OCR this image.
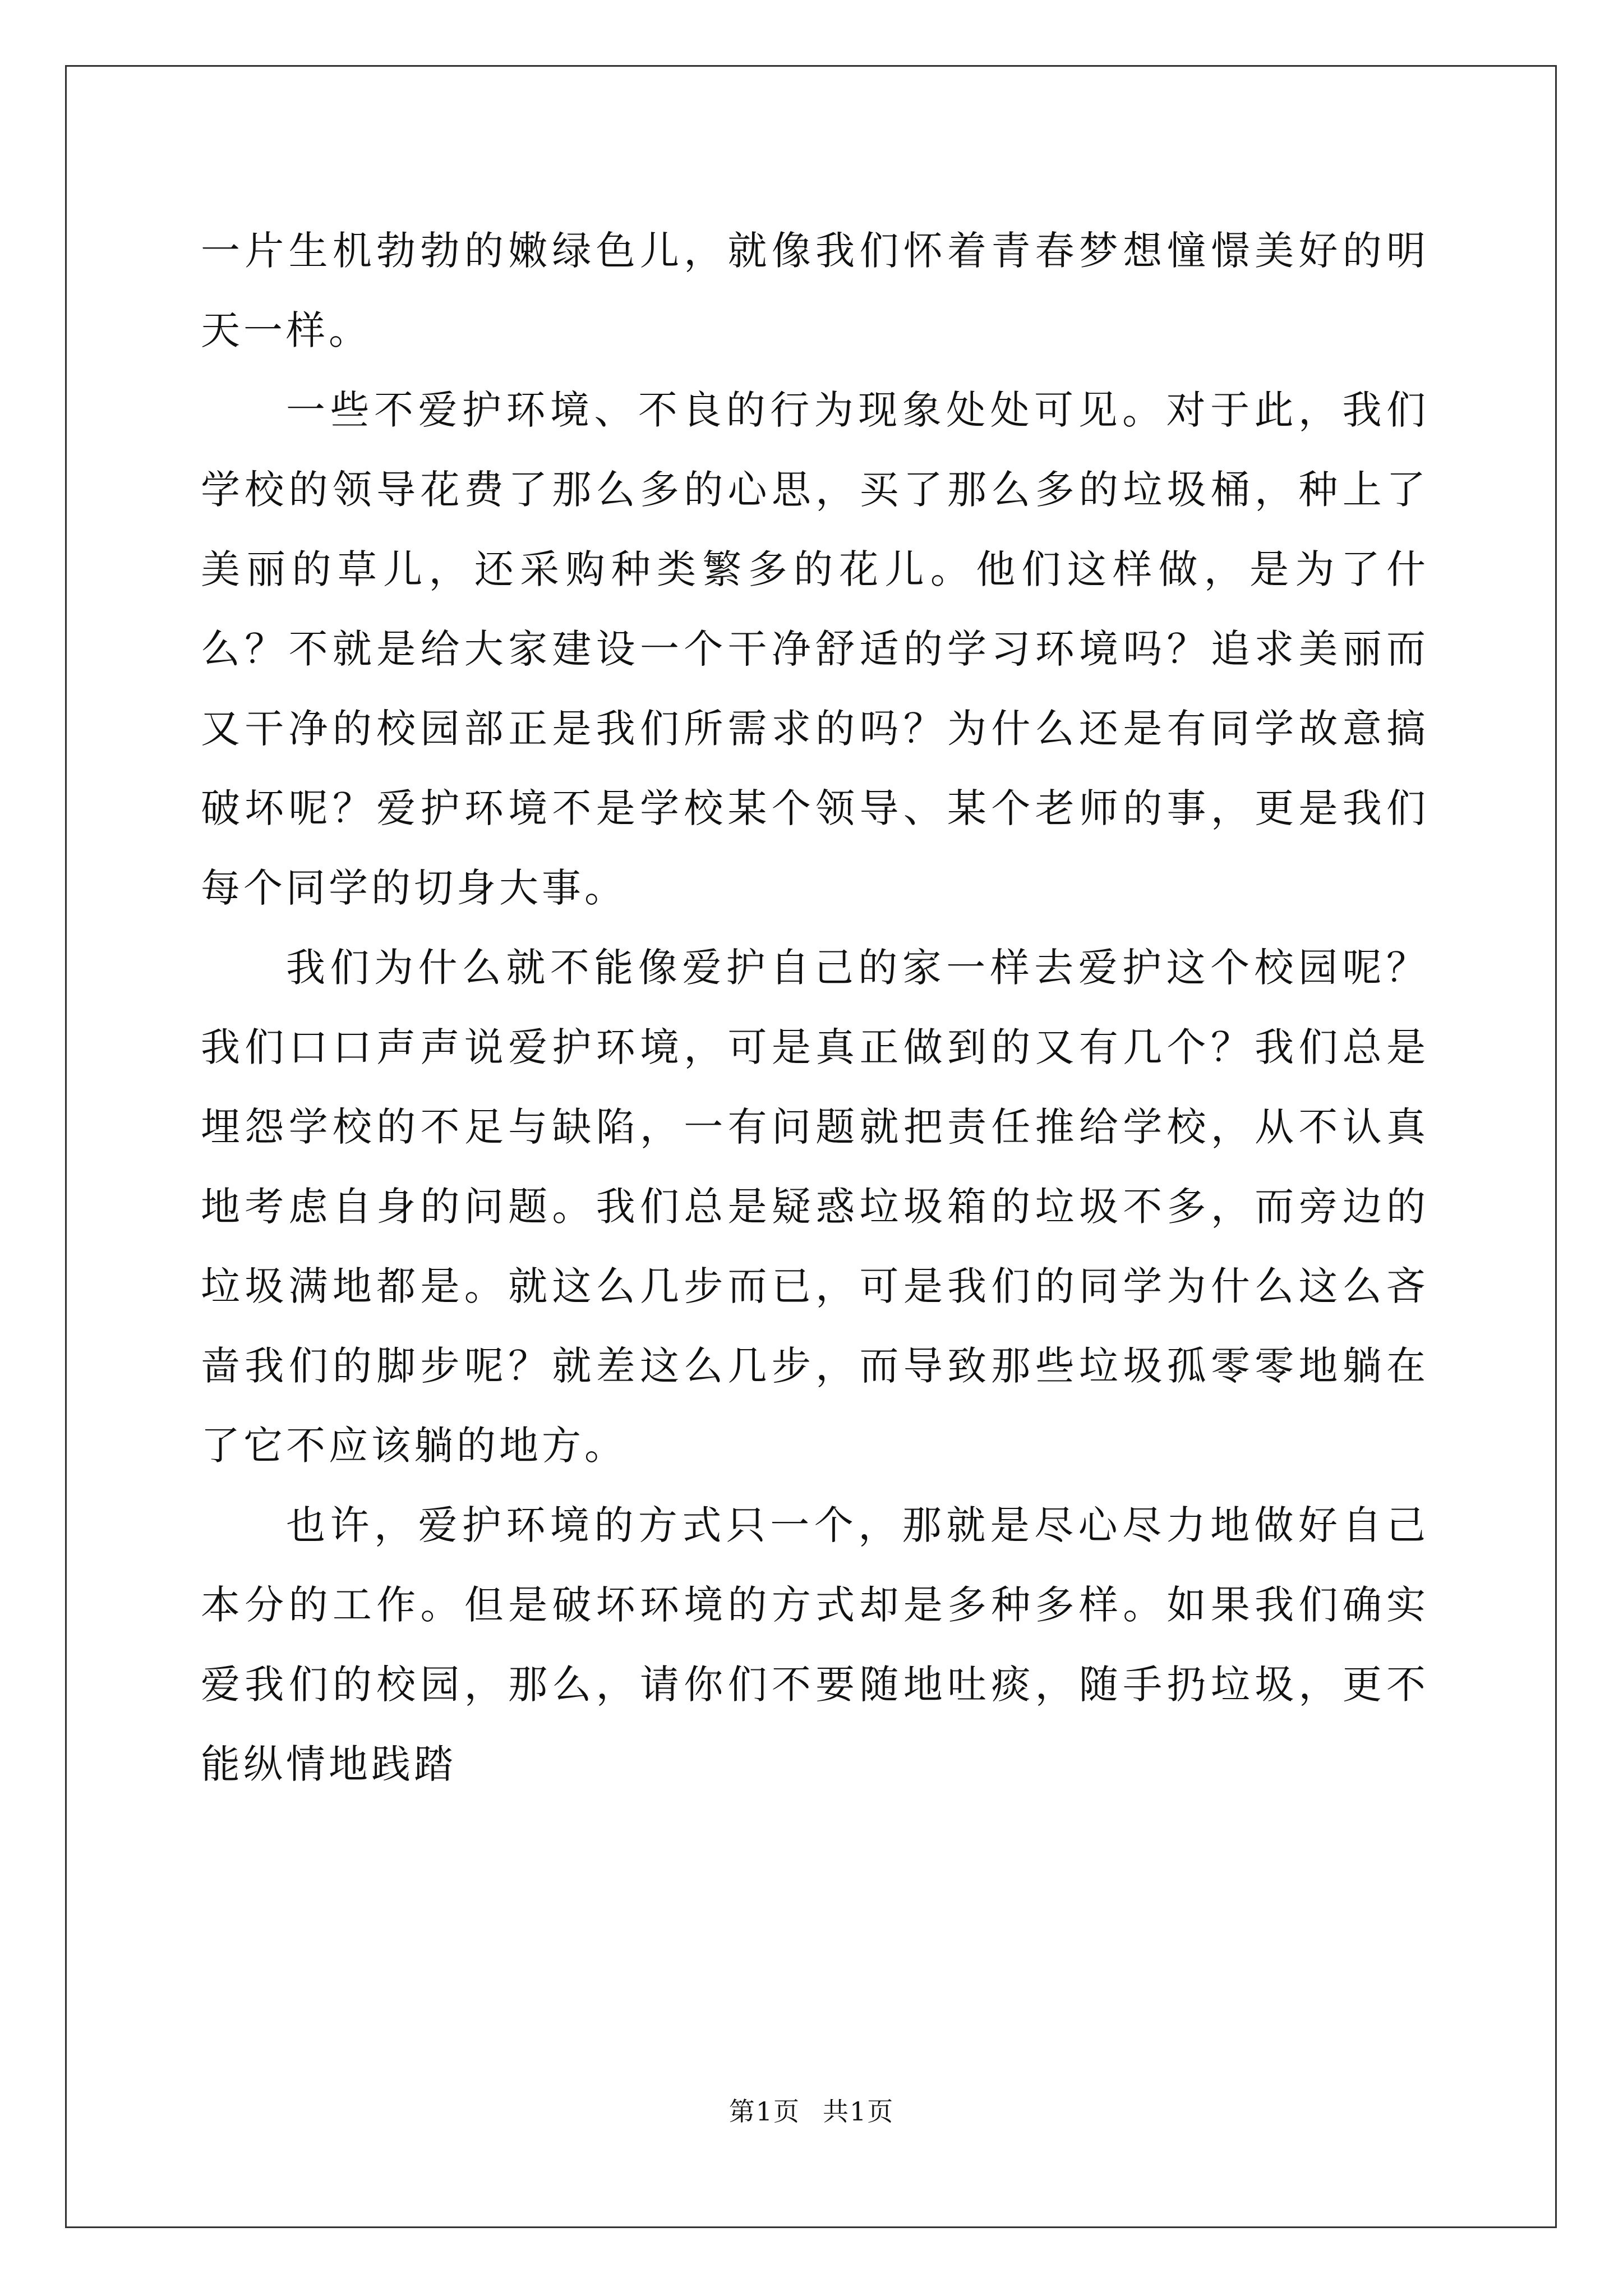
一片生机勃勃的嫩绿色儿，就像我们怀着青春梦想憧憬美好的明天一样。

一些不爱护环境、不良的行为现象处处可见。对于此，我们学校的领导花费了那么多的心思，买了那么多的垃圾桶，种上了美丽的草儿，还采购种类繁多的花儿。他们这样做，是为了什么？不就是给大家建设一个干净舒适的学习环境吗？追求美丽而又干净的校园部正是我们所需求的吗？为什么还是有同学故意搞破坏呢？爱护环境不是学校某个领导、某个老师的事，更是我们每个同学的切身大事。

我们为什么就不能像爱护自己的家一样去爱护这个校园呢？我们口口声声说爱护环境，可是真正做到的又有几个？我们总是埋怨学校的不足与缺陷，一有问题就把责任推给学校，从不认真地考虑自身的问题。我们总是疑惑垃圾箱的垃圾不多，而旁边的垃圾满地都是。就这么几步而已，可是我们的同学为什么这么吝啬我们的脚步呢？就差这么几步，而导致那些垃圾孤零零地躺在了它不应该躺的地方。

也许，爱护环境的方式只一个，那就是尽心尽力地做好自己本分的工作。但是破坏环境的方式却是多种多样。如果我们确实爱我们的校园，那么，请你们不要随地吐痰，随手扔垃圾，更不能纵情地践踏

第1页 共1页
